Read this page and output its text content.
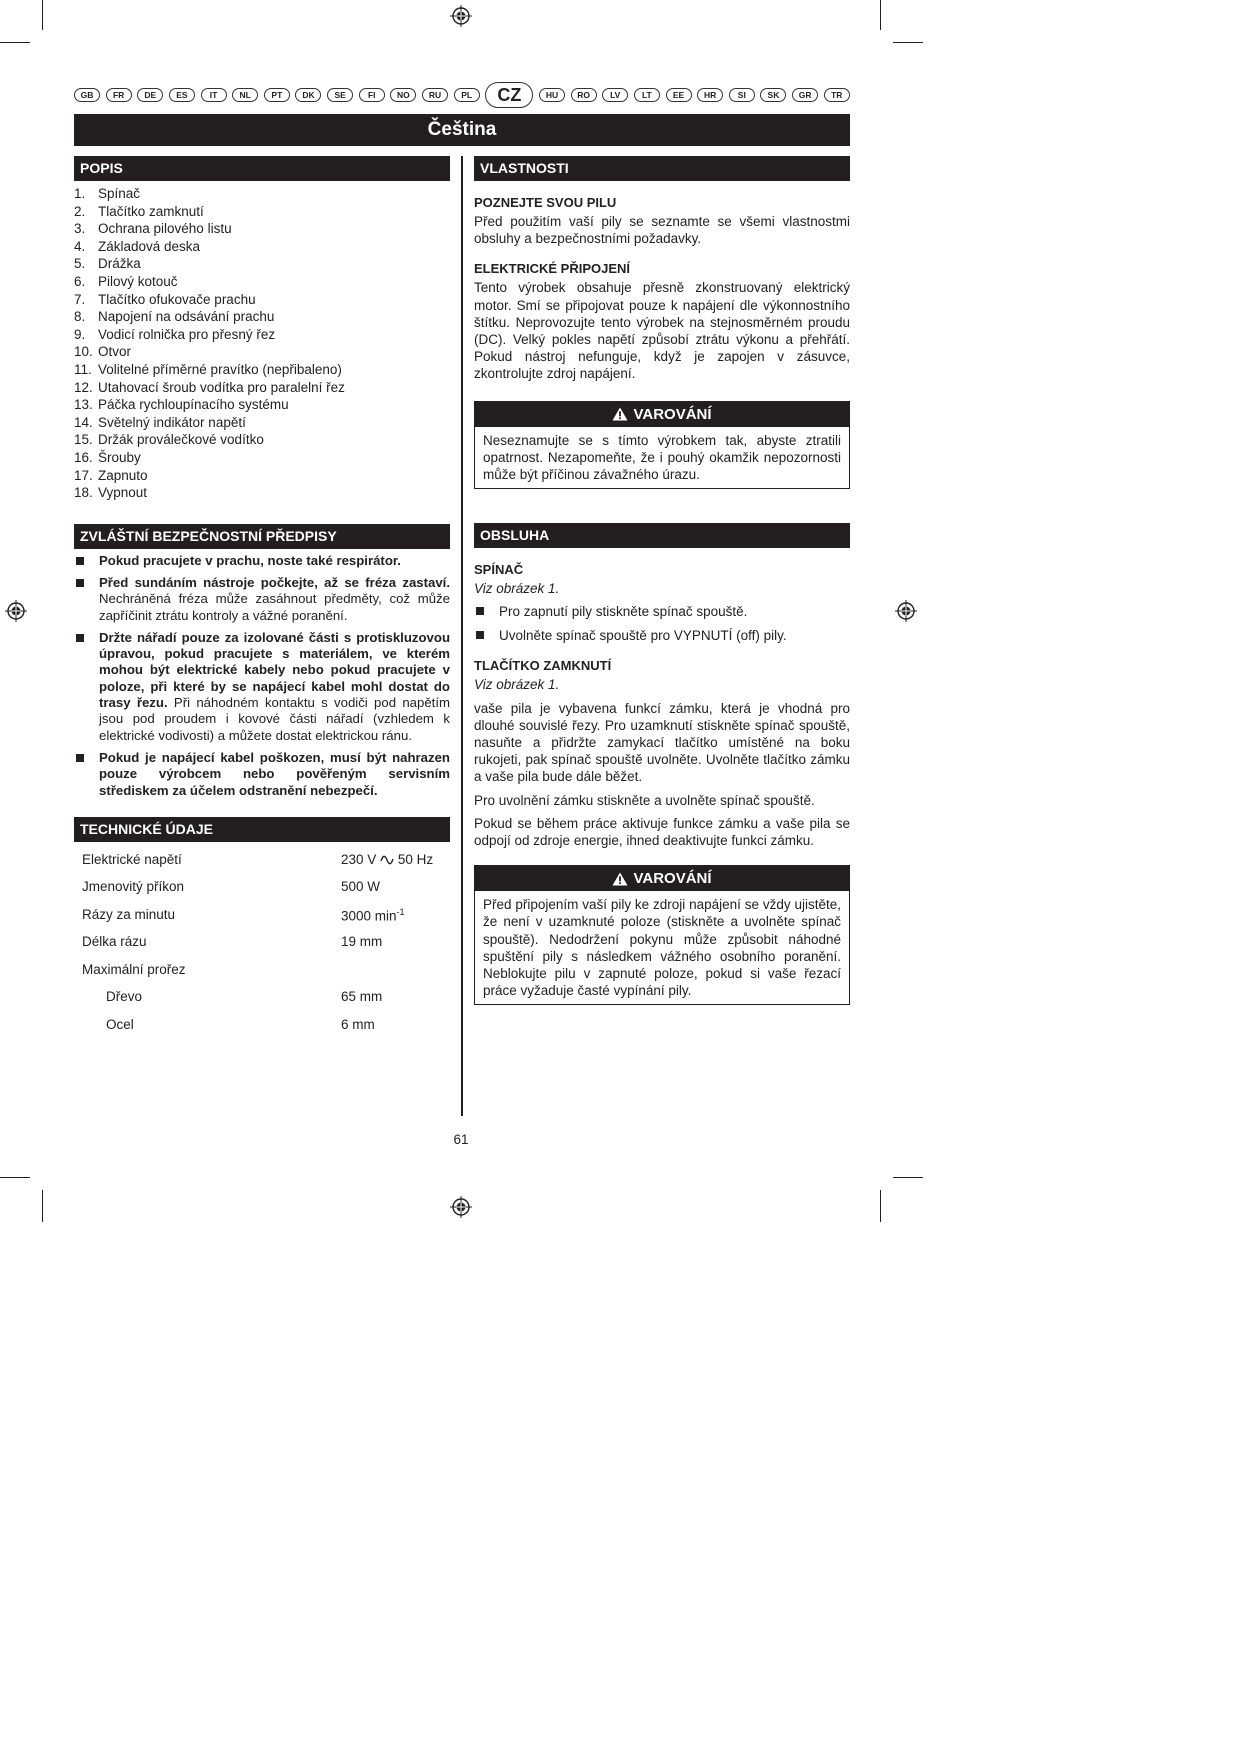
GB	FR	DE	ES	IT	NL	PT	DK	SE	FI	NO	RU	PL	CZ	HU	RO	LV	LT	EE	HR	SI	SK	GR	TR
Čeština
POPIS
1. Spínač
2. Tlačítko zamknutí
3. Ochrana pilového listu
4. Základová deska
5. Drážka
6. Pilový kotouč
7. Tlačítko ofukovače prachu
8. Napojení na odsávání prachu
9. Vodicí rolnička pro přesný řez
10. Otvor
11. Volitelné příměrné pravítko (nepřibaleno)
12. Utahovací šroub vodítka pro paralelní řez
13. Páčka rychloupínacího systému
14. Světelný indikátor napětí
15. Držák proválečkové vodítko
16. Šrouby
17. Zapnuto
18. Vypnout
ZVLÁŠTNÍ BEZPEČNOSTNÍ PŘEDPISY
Pokud pracujete v prachu, noste také respirátor.
Před sundáním nástroje počkejte, až se fréza zastaví. Nechráněná fréza může zasáhnout předměty, což může zapříčinit ztrátu kontroly a vážné poranění.
Držte nářadí pouze za izolované části s protiskluzovou úpravou, pokud pracujete s materiálem, ve kterém mohou být elektrické kabely nebo pokud pracujete v poloze, při které by se napájecí kabel mohl dostat do trasy řezu. Při náhodném kontaktu s vodiči pod napětím jsou pod proudem i kovové části nářadí (vzhledem k elektrické vodivosti) a můžete dostat elektrickou ránu.
Pokud je napájecí kabel poškozen, musí být nahrazen pouze výrobcem nebo pověřeným servisním střediskem za účelem odstranění nebezpečí.
TECHNICKÉ ÚDAJE
Elektrické napětí	230 V 50 Hz
Jmenovitý příkon	500 W
Rázy za minutu	3000 $\min^{-1}$
Délka rázu	19 mm
Maximální prořez	
Dřevo	65 mm
Ocel	6 mm
VLASTNOSTI
POZNEJTE SVOU PILU

Před použitím vaší pily se seznamte se všemi vlastnostmi obsluhy a bezpečnostními požadavky.

ELEKTRICKÉ PŘIPOJENÍ

Tento výrobek obsahuje přesně zkonstruovaný elektrický motor. Smí se připojovat pouze k napájení dle výkonnostního štítku. Neprovozujte tento výrobek na stejnosměrném proudu (DC). Velký pokles napětí způsobí ztrátu výkonu a přehřátí. Pokud nástroj nefunguje, když je zapojen v zásuvce, zkontrolujte zdroj napájení.

VAROVÁNÍ
Neseznamujte se s tímto výrobkem tak, abyste ztratili opatrnost. Nezapomeňte, že i pouhý okamžik nepozornosti může být příčinou závažného úrazu.
OBSLUHA
SPÍNAČ

Viz obrázek 1.

Pro zapnutí pily stiskněte spínač spouště.
Uvolněte spínač spouště pro VYPNUTÍ (off) pily.
TLAČÍTKO ZAMKNUTÍ

Viz obrázek 1.

vaše pila je vybavena funkcí zámku, která je vhodná pro dlouhé souvislé řezy. Pro uzamknutí stiskněte spínač spouště, nasuňte a přidržte zamykací tlačítko umístěné na boku rukojeti, pak spínač spouště uvolněte. Uvolněte tlačítko zámku a vaše pila bude dále běžet.

Pro uvolnění zámku stiskněte a uvolněte spínač spouště.

Pokud se během práce aktivuje funkce zámku a vaše pila se odpojí od zdroje energie, ihned deaktivujte funkci zámku.

VAROVÁNÍ
Před připojením vaší pily ke zdroji napájení se vždy ujistěte, že není v uzamknuté poloze (stiskněte a uvolněte spínač spouště). Nedodržení pokynu může způsobit náhodné spuštění pily s následkem vážného osobního poranění. Neblokujte pilu v zapnuté poloze, pokud si vaše řezací práce vyžaduje časté vypínání pily.
61
